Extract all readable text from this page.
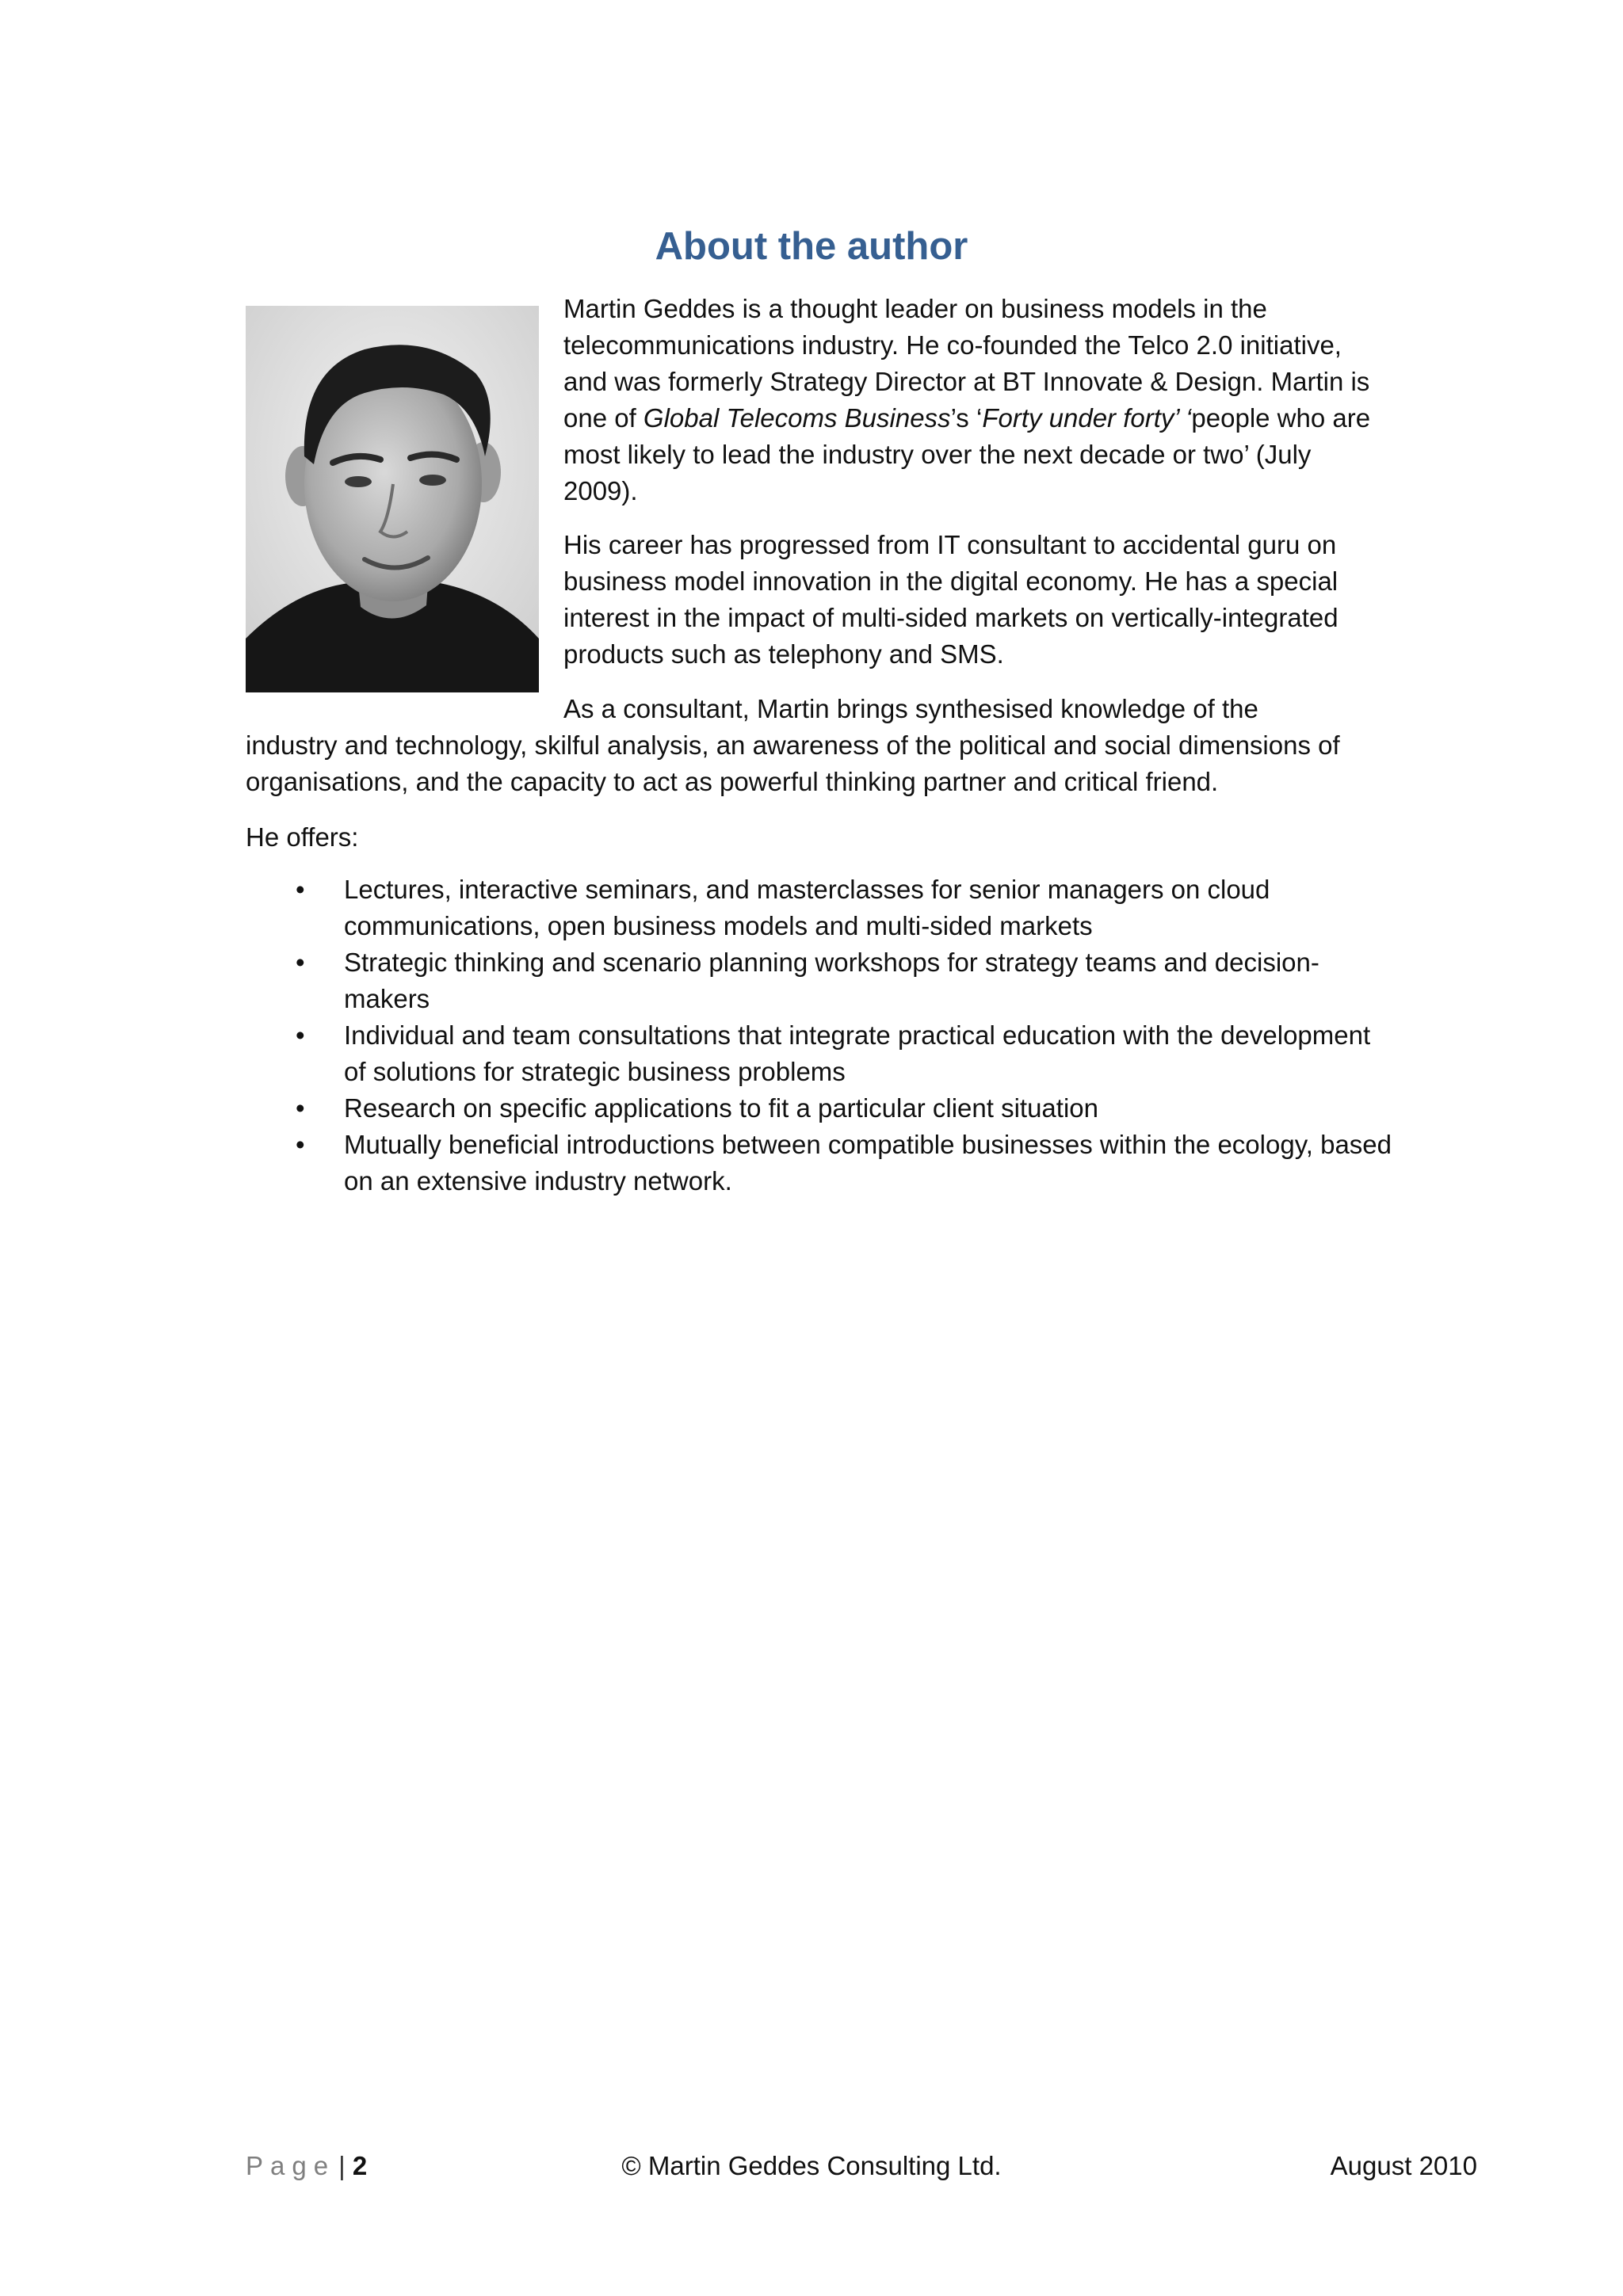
About the author

Martin Geddes is a thought leader on business models in the telecommunications industry. He co-founded the Telco 2.0 initiative, and was formerly Strategy Director at BT Innovate & Design. Martin is one of Global Telecoms Business’s ‘Forty under forty’ ‘people who are most likely to lead the industry over the next decade or two’ (July 2009).

His career has progressed from IT consultant to accidental guru on business model innovation in the digital economy. He has a special interest in the impact of multi-sided markets on vertically-integrated products such as telephony and SMS.

As a consultant, Martin brings synthesised knowledge of the
industry and technology, skilful analysis, an awareness of the political and social dimensions of organisations, and the capacity to act as powerful thinking partner and critical friend.

He offers:

•	Lectures, interactive seminars, and masterclasses for senior managers on cloud communications, open business models and multi-sided markets
•	Strategic thinking and scenario planning workshops for strategy teams and decision-makers
•	Individual and team consultations that integrate practical education with the development of solutions for strategic business problems
•	Research on specific applications to fit a particular client situation
•	Mutually beneficial introductions between compatible businesses within the ecology, based on an extensive industry network.
Page | 2	© Martin Geddes Consulting Ltd.	August 2010
